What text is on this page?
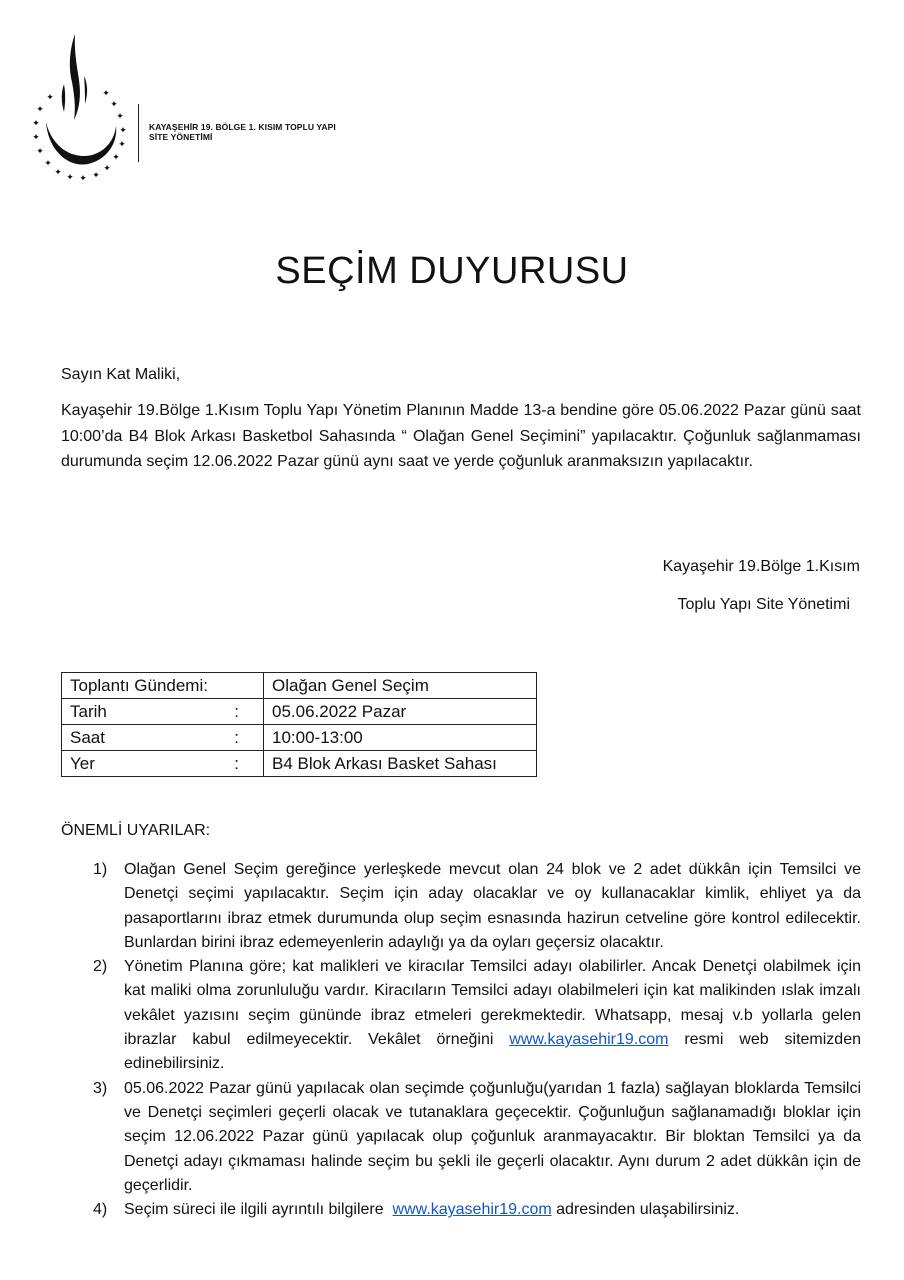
✦
✦
✦
✦
✦
✦ ✦ ✦ ✦
✦
✦
✦
✦
✦
✦
✦	✦
KAYAŞEHİR 19. BÖLGE 1. KISIM TOPLU YAPI
SİTE YÖNETİMİ
SEÇİM DUYURUSU
Sayın Kat Maliki,
Kayaşehir 19.Bölge 1.Kısım Toplu Yapı Yönetim Planının Madde 13-a bendine göre 05.06.2022 Pazar günü saat 10:00’da B4 Blok Arkası Basketbol Sahasında “ Olağan Genel Seçimini” yapılacaktır. Çoğunluk sağlanmaması durumunda seçim 12.06.2022 Pazar günü aynı saat ve yerde çoğunluk aranmaksızın yapılacaktır.
Kayaşehir 19.Bölge 1.Kısım
Toplu Yapı Site Yönetimi
Toplantı Gündemi:	Olağan Genel Seçim

Tarih :	05.06.2022 Pazar

Saat :	10:00-13:00

Yer :	B4 Blok Arkası Basket Sahası
ÖNEMLİ UYARILAR:
1) Olağan Genel Seçim gereğince yerleşkede mevcut olan 24 blok ve 2 adet dükkân için Temsilci ve Denetçi seçimi yapılacaktır. Seçim için aday olacaklar ve oy kullanacaklar kimlik, ehliyet ya da pasaportlarını ibraz etmek durumunda olup seçim esnasında hazirun cetveline göre kontrol edilecektir. Bunlardan birini ibraz edemeyenlerin adaylığı ya da oyları geçersiz olacaktır.
2) Yönetim Planına göre; kat malikleri ve kiracılar Temsilci adayı olabilirler. Ancak Denetçi olabilmek için kat maliki olma zorunluluğu vardır. Kiracıların Temsilci adayı olabilmeleri için kat malikinden ıslak imzalı vekâlet yazısını seçim gününde ibraz etmeleri gerekmektedir. Whatsapp, mesaj v.b yollarla gelen ibrazlar kabul edilmeyecektir. Vekâlet örneğini www.kayasehir19.com resmi web sitemizden edinebilirsiniz.
3) 05.06.2022 Pazar günü yapılacak olan seçimde çoğunluğu(yarıdan 1 fazla) sağlayan bloklarda Temsilci ve Denetçi seçimleri geçerli olacak ve tutanaklara geçecektir. Çoğunluğun sağlanamadığı bloklar için seçim 12.06.2022 Pazar günü yapılacak olup çoğunluk aranmayacaktır. Bir bloktan Temsilci ya da Denetçi adayı çıkmaması halinde seçim bu şekli ile geçerli olacaktır. Aynı durum 2 adet dükkân için de geçerlidir.
4) Seçim süreci ile ilgili ayrıntılı bilgilere www.kayasehir19.com adresinden ulaşabilirsiniz.
